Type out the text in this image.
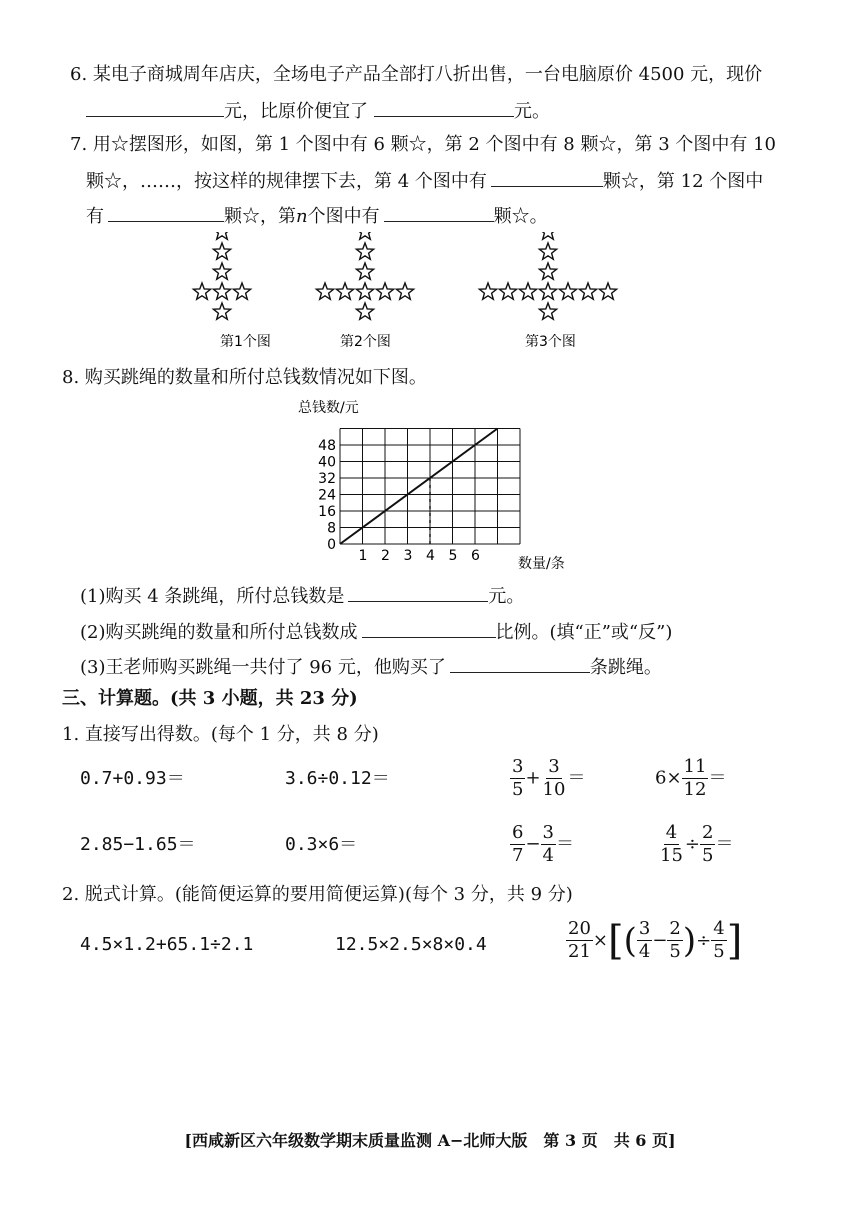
6. 某电子商城周年店庆，全场电子产品全部打八折出售，一台电脑原价 4500 元，现价
元，比原价便宜了	元。
7. 用☆摆图形，如图，第 1 个图中有 6 颗☆，第 2 个图中有 8 颗☆，第 3 个图中有 10
颗☆，……，按这样的规律摆下去，第 4 个图中有	颗☆，第 12 个图中
有	颗☆，第n个图中有	颗☆。
第1个图	第2个图	第3个图
8. 购买跳绳的数量和所付总钱数情况如下图。
总钱数/元
数量/条
1 2 3 4 5 6
0
8
16
24
32
40
48
(1)购买 4 条跳绳，所付总钱数是	元。
(2)购买跳绳的数量和所付总钱数成	比例。(填“正”或“反”)
(3)王老师购买跳绳一共付了 96 元，他购买了	条跳绳。
三、计算题。(共 3 小题，共 23 分)
1. 直接写出得数。(每个 1 分，共 8 分)
0.7+0.93＝	3.6÷0.12＝	$\frac{3}{5} + \frac{3}{10}$ ＝	$6\times \frac{11}{12}$ ＝
2.85−1.65＝	0.3×6＝	$\frac{6}{7} - \frac{3}{4}$ ＝	$\frac{4}{15} \div \frac{2}{5}$ ＝
2. 脱式计算。(能简便运算的要用简便运算)(每个 3 分，共 9 分)
4.5×1.2+65.1÷2.1	12.5×2.5×8×0.4	$\frac{20}{21}$ × [ ( $\frac{3}{4} - \frac{2}{5}$ ) ÷ $\frac{4}{5}$ ]
[西咸新区六年级数学期末质量监测 A−北师大版　第 3 页　共 6 页]
